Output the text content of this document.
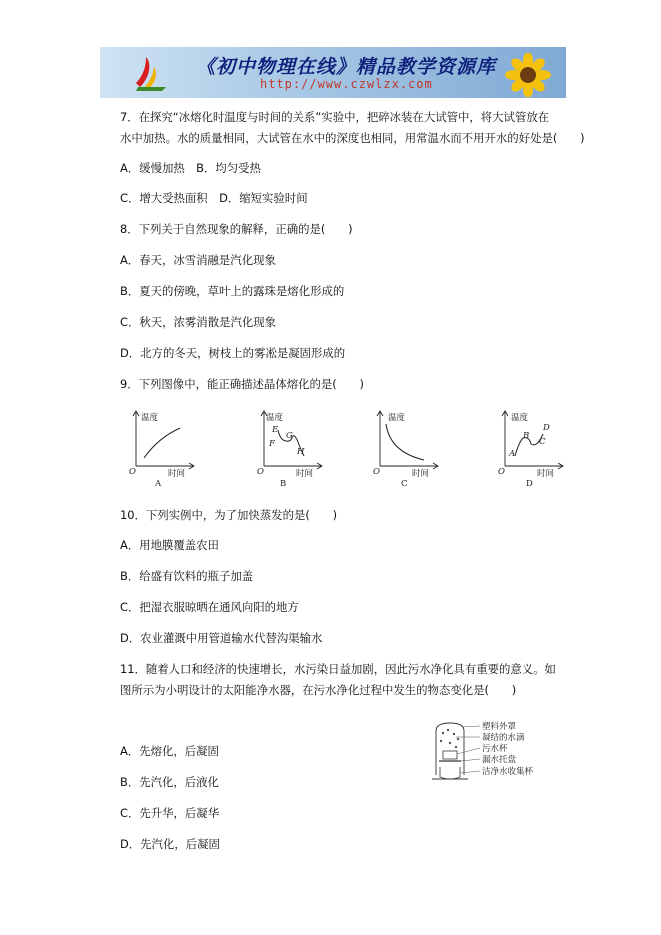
《初中物理在线》精品教学资源库
http://www.czwlzx.com
7．在探究“冰熔化时温度与时间的关系”实验中，把碎冰装在大试管中，将大试管放在
水中加热。水的质量相同，大试管在水中的深度也相同，用常温水而不用开水的好处是(　　)
A．缓慢加热　B．均匀受热
C．增大受热面积　D．缩短实验时间
8．下列关于自然现象的解释，正确的是(　　)
A．春天，冰雪消融是汽化现象
B．夏天的傍晚，草叶上的露珠是熔化形成的
C．秋天，浓雾消散是汽化现象
D．北方的冬天，树枝上的雾凇是凝固形成的
9．下列图像中，能正确描述晶体熔化的是(　　)
温度
O	时间
A
温度
E
F
G
H
O	时间
B
温度
O	时间
C
温度
A
B
C
D
O	时间
D
10．下列实例中，为了加快蒸发的是(　　)
A．用地膜覆盖农田
B．给盛有饮料的瓶子加盖
C．把湿衣服晾晒在通风向阳的地方
D．农业灌溉中用管道输水代替沟渠输水
11．随着人口和经济的快速增长，水污染日益加剧，因此污水净化具有重要的意义。如
图所示为小明设计的太阳能净水器，在污水净化过程中发生的物态变化是(　　)
A．先熔化，后凝固
B．先汽化，后液化
C．先升华，后凝华
D．先汽化，后凝固
塑料外罩
凝结的水滴
污水杯
漏水托盘
洁净水收集杯
